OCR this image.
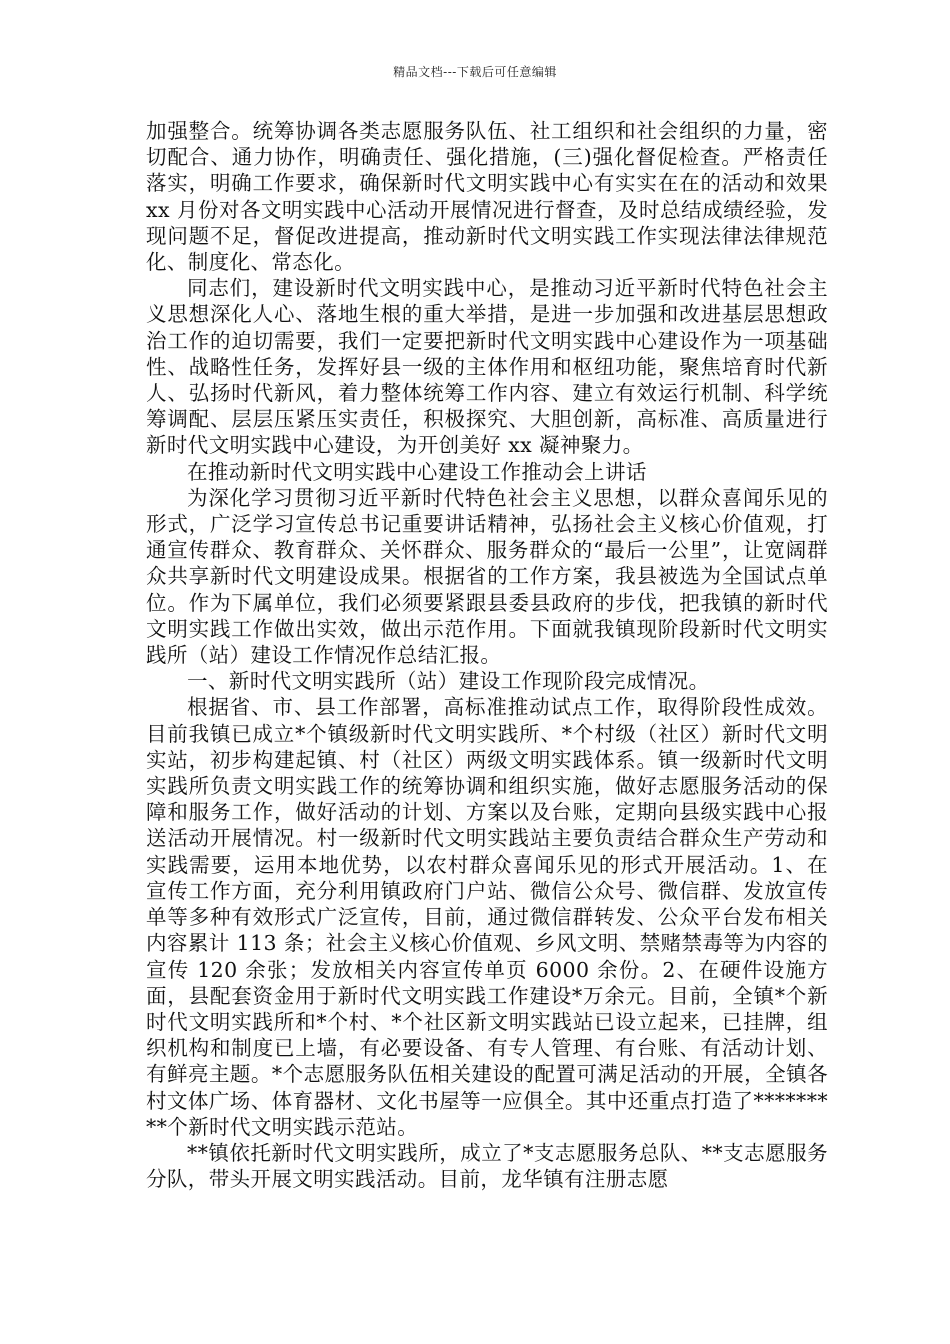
精品文档---下载后可任意编辑

加强整合。统筹协调各类志愿服务队伍、社工组织和社会组织的力量，密切配合、通力协作，明确责任、强化措施，(三)强化督促检查。严格责任落实，明确工作要求，确保新时代文明实践中心有实实在在的活动和效果 xx 月份对各文明实践中心活动开展情况进行督查，及时总结成绩经验，发现问题不足，督促改进提高，推动新时代文明实践工作实现法律法律规范化、制度化、常态化。

同志们，建设新时代文明实践中心，是推动习近平新时代特色社会主义思想深化人心、落地生根的重大举措，是进一步加强和改进基层思想政治工作的迫切需要，我们一定要把新时代文明实践中心建设作为一项基础性、战略性任务，发挥好县一级的主体作用和枢纽功能，聚焦培育时代新人、弘扬时代新风，着力整体统筹工作内容、建立有效运行机制、科学统筹调配、层层压紧压实责任，积极探究、大胆创新，高标准、高质量进行新时代文明实践中心建设，为开创美好 xx 凝神聚力。

在推动新时代文明实践中心建设工作推动会上讲话

为深化学习贯彻习近平新时代特色社会主义思想，以群众喜闻乐见的形式，广泛学习宣传总书记重要讲话精神，弘扬社会主义核心价值观，打通宣传群众、教育群众、关怀群众、服务群众的“最后一公里”，让宽阔群众共享新时代文明建设成果。根据省的工作方案，我县被选为全国试点单位。作为下属单位，我们必须要紧跟县委县政府的步伐，把我镇的新时代文明实践工作做出实效，做出示范作用。下面就我镇现阶段新时代文明实践所（站）建设工作情况作总结汇报。

一、新时代文明实践所（站）建设工作现阶段完成情况。

根据省、市、县工作部署，高标准推动试点工作，取得阶段性成效。目前我镇已成立*个镇级新时代文明实践所、*个村级（社区）新时代文明实站，初步构建起镇、村（社区）两级文明实践体系。镇一级新时代文明实践所负责文明实践工作的统筹协调和组织实施，做好志愿服务活动的保障和服务工作，做好活动的计划、方案以及台账，定期向县级实践中心报送活动开展情况。村一级新时代文明实践站主要负责结合群众生产劳动和实践需要，运用本地优势，以农村群众喜闻乐见的形式开展活动。1、在宣传工作方面，充分利用镇政府门户站、微信公众号、微信群、发放宣传单等多种有效形式广泛宣传，目前，通过微信群转发、公众平台发布相关内容累计 113 条；社会主义核心价值观、乡风文明、禁赌禁毒等为内容的宣传 120 余张；发放相关内容宣传单页 6000 余份。2、在硬件设施方面，县配套资金用于新时代文明实践工作建设*万余元。目前，全镇*个新时代文明实践所和*个村、*个社区新文明实践站已设立起来，已挂牌，组织机构和制度已上墙，有必要设备、有专人管理、有台账、有活动计划、有鲜亮主题。*个志愿服务队伍相关建设的配置可满足活动的开展，全镇各村文体广场、体育器材、文化书屋等一应俱全。其中还重点打造了*********个新时代文明实践示范站。

**镇依托新时代文明实践所，成立了*支志愿服务总队、**支志愿服务分队，带头开展文明实践活动。目前，龙华镇有注册志愿
